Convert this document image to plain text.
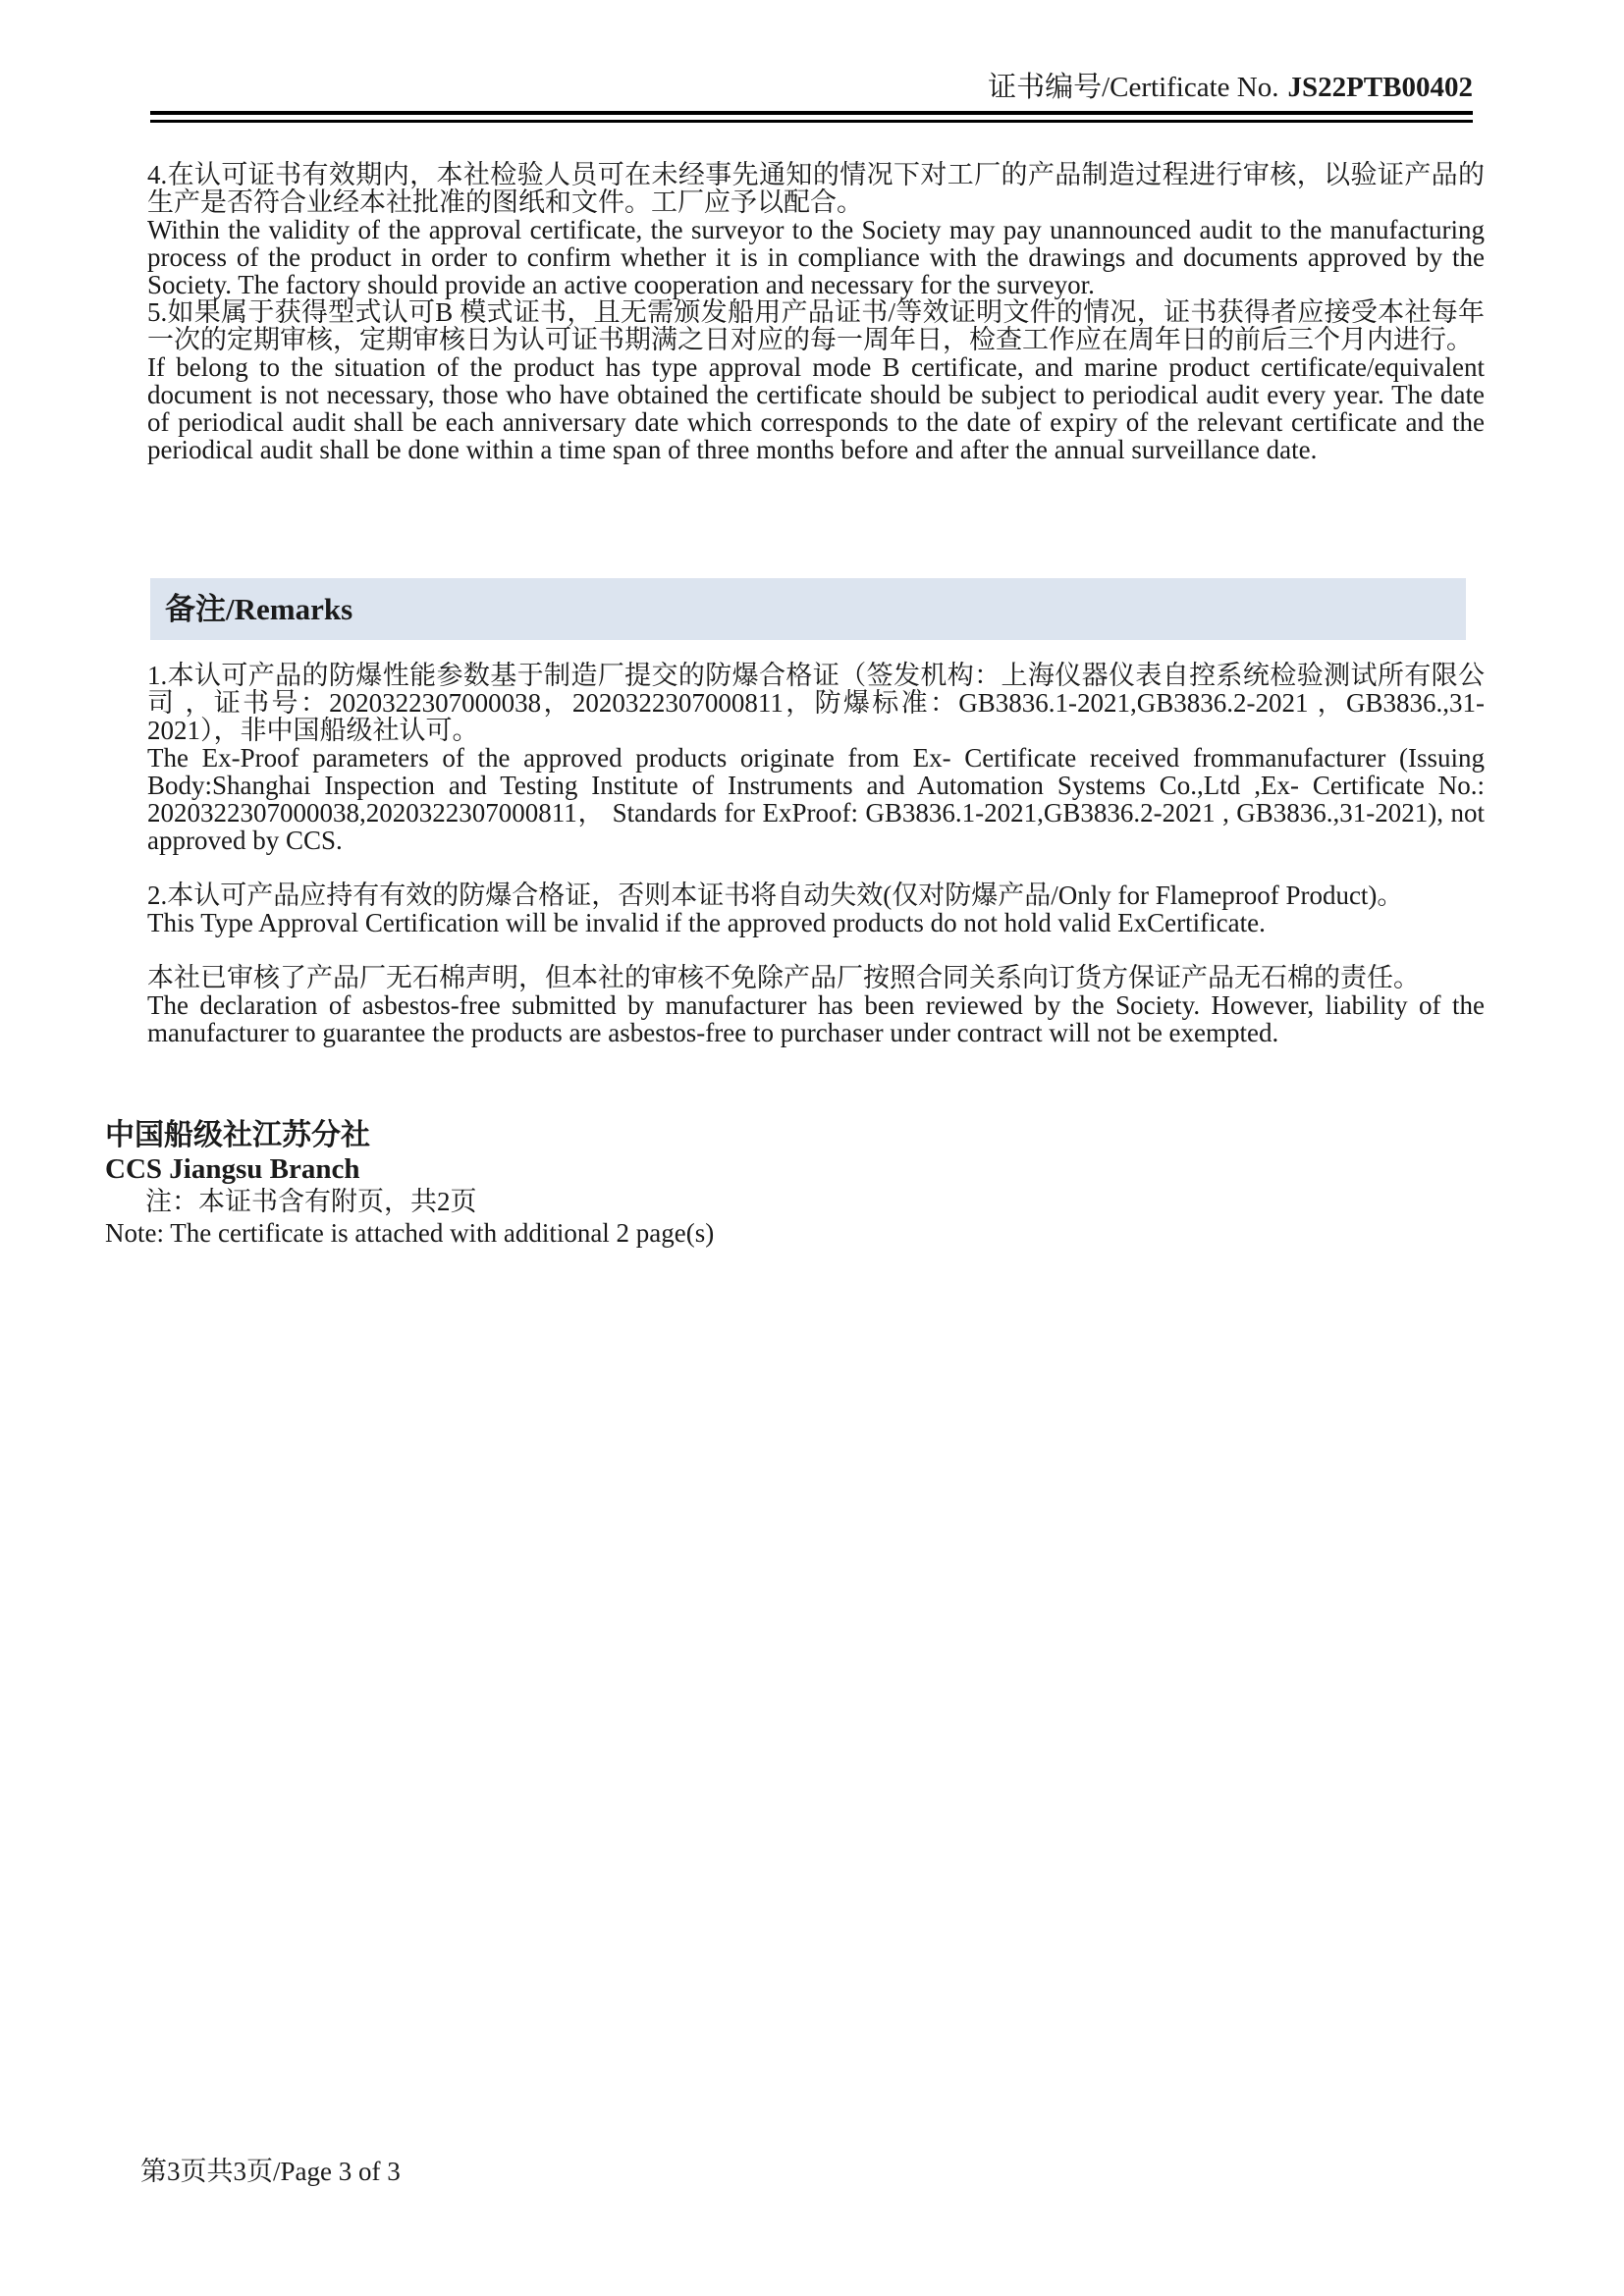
证书编号/Certificate No. JS22PTB00402

4.在认可证书有效期内，本社检验人员可在未经事先通知的情况下对工厂的产品制造过程进行审核，以验证产品的生产是否符合业经本社批准的图纸和文件。工厂应予以配合。

Within the validity of the approval certificate, the surveyor to the Society may pay unannounced audit to the manufacturing process of the product in order to confirm whether it is in compliance with the drawings and documents approved by the Society. The factory should provide an active cooperation and necessary for the surveyor.

5.如果属于获得型式认可B 模式证书，且无需颁发船用产品证书/等效证明文件的情况，证书获得者应接受本社每年一次的定期审核，定期审核日为认可证书期满之日对应的每一周年日，检查工作应在周年日的前后三个月内进行。

If belong to the situation of the product has type approval mode B certificate, and marine product certificate/equivalent document is not necessary, those who have obtained the certificate should be subject to periodical audit every year. The date of periodical audit shall be each anniversary date which corresponds to the date of expiry of the relevant certificate and the periodical audit shall be done within a time span of three months before and after the annual surveillance date.

备注/Remarks

1.本认可产品的防爆性能参数基于制造厂提交的防爆合格证（签发机构：上海仪器仪表自控系统检验测试所有限公司 ，证书号：2020322307000038，2020322307000811，防爆标准：GB3836.1-2021,GB3836.2-2021 ，GB3836.,31-2021），非中国船级社认可。

The Ex-Proof parameters of the approved products originate from Ex- Certificate received frommanufacturer (Issuing Body:Shanghai Inspection and Testing Institute of Instruments and Automation Systems Co.,Ltd ,Ex- Certificate No.: 2020322307000038,2020322307000811， Standards for ExProof: GB3836.1-2021,GB3836.2-2021 , GB3836.,31-2021), not approved by CCS.

2.本认可产品应持有有效的防爆合格证，否则本证书将自动失效(仅对防爆产品/Only for Flameproof Product)。

This Type Approval Certification will be invalid if the approved products do not hold valid ExCertificate.

本社已审核了产品厂无石棉声明，但本社的审核不免除产品厂按照合同关系向订货方保证产品无石棉的责任。

The declaration of asbestos-free submitted by manufacturer has been reviewed by the Society. However, liability of the manufacturer to guarantee the products are asbestos-free to purchaser under contract will not be exempted.

中国船级社江苏分社

CCS Jiangsu Branch

注：本证书含有附页，共2页

Note: The certificate is attached with additional 2 page(s)

第3页共3页/Page 3 of 3
